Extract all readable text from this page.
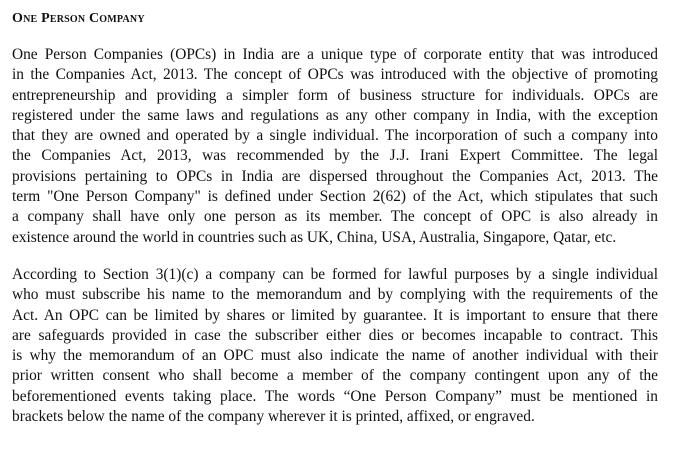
One Person Company

One Person Companies (OPCs) in India are a unique type of corporate entity that was introduced
in the Companies Act, 2013. The concept of OPCs was introduced with the objective of promoting
entrepreneurship and providing a simpler form of business structure for individuals. OPCs are
registered under the same laws and regulations as any other company in India, with the exception
that they are owned and operated by a single individual. The incorporation of such a company into
the Companies Act, 2013, was recommended by the J.J. Irani Expert Committee. The legal
provisions pertaining to OPCs in India are dispersed throughout the Companies Act, 2013. The
term "One Person Company" is defined under Section 2(62) of the Act, which stipulates that such
a company shall have only one person as its member. The concept of OPC is also already in
existence around the world in countries such as UK, China, USA, Australia, Singapore, Qatar, etc.

According to Section 3(1)(c) a company can be formed for lawful purposes by a single individual
who must subscribe his name to the memorandum and by complying with the requirements of the
Act. An OPC can be limited by shares or limited by guarantee. It is important to ensure that there
are safeguards provided in case the subscriber either dies or becomes incapable to contract. This
is why the memorandum of an OPC must also indicate the name of another individual with their
prior written consent who shall become a member of the company contingent upon any of the
beforementioned events taking place. The words “One Person Company” must be mentioned in
brackets below the name of the company wherever it is printed, affixed, or engraved.
